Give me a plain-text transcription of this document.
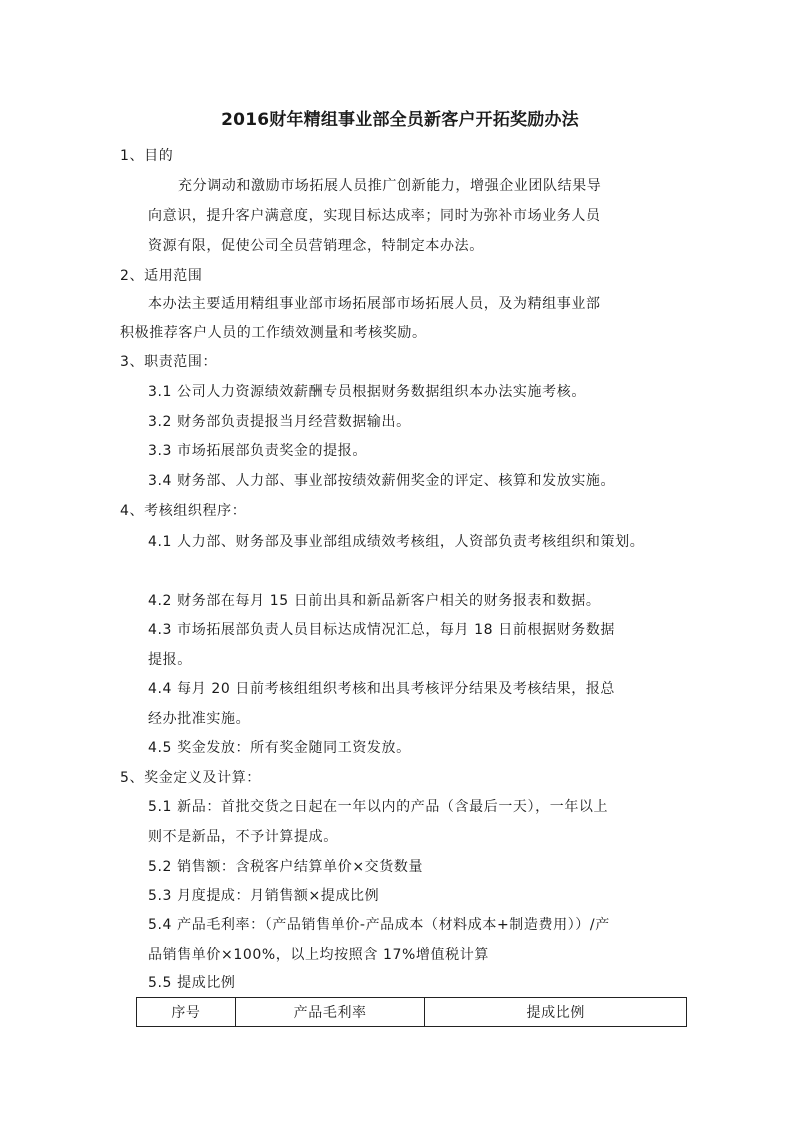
2016财年精组事业部全员新客户开拓奖励办法
1、目的
充分调动和激励市场拓展人员推广创新能力，增强企业团队结果导
向意识，提升客户满意度，实现目标达成率；同时为弥补市场业务人员
资源有限，促使公司全员营销理念，特制定本办法。
2、适用范围
本办法主要适用精组事业部市场拓展部市场拓展人员，及为精组事业部
积极推荐客户人员的工作绩效测量和考核奖励。
3、职责范围：
3.1 公司人力资源绩效薪酬专员根据财务数据组织本办法实施考核。
3.2 财务部负责提报当月经营数据输出。
3.3 市场拓展部负责奖金的提报。
3.4 财务部、人力部、事业部按绩效薪佣奖金的评定、核算和发放实施。
4、考核组织程序：
4.1 人力部、财务部及事业部组成绩效考核组，人资部负责考核组织和策划。
4.2 财务部在每月 15 日前出具和新品新客户相关的财务报表和数据。
4.3 市场拓展部负责人员目标达成情况汇总，每月 18 日前根据财务数据
提报。
4.4 每月 20 日前考核组组织考核和出具考核评分结果及考核结果，报总
经办批准实施。
4.5 奖金发放：所有奖金随同工资发放。
5、奖金定义及计算：
5.1 新品：首批交货之日起在一年以内的产品（含最后一天），一年以上
则不是新品，不予计算提成。
5.2 销售额：含税客户结算单价×交货数量
5.3 月度提成：月销售额×提成比例
5.4 产品毛利率：（产品销售单价-产品成本（材料成本+制造费用））/产
品销售单价×100%，以上均按照含 17%增值税计算
5.5 提成比例
序号	产品毛利率	提成比例
